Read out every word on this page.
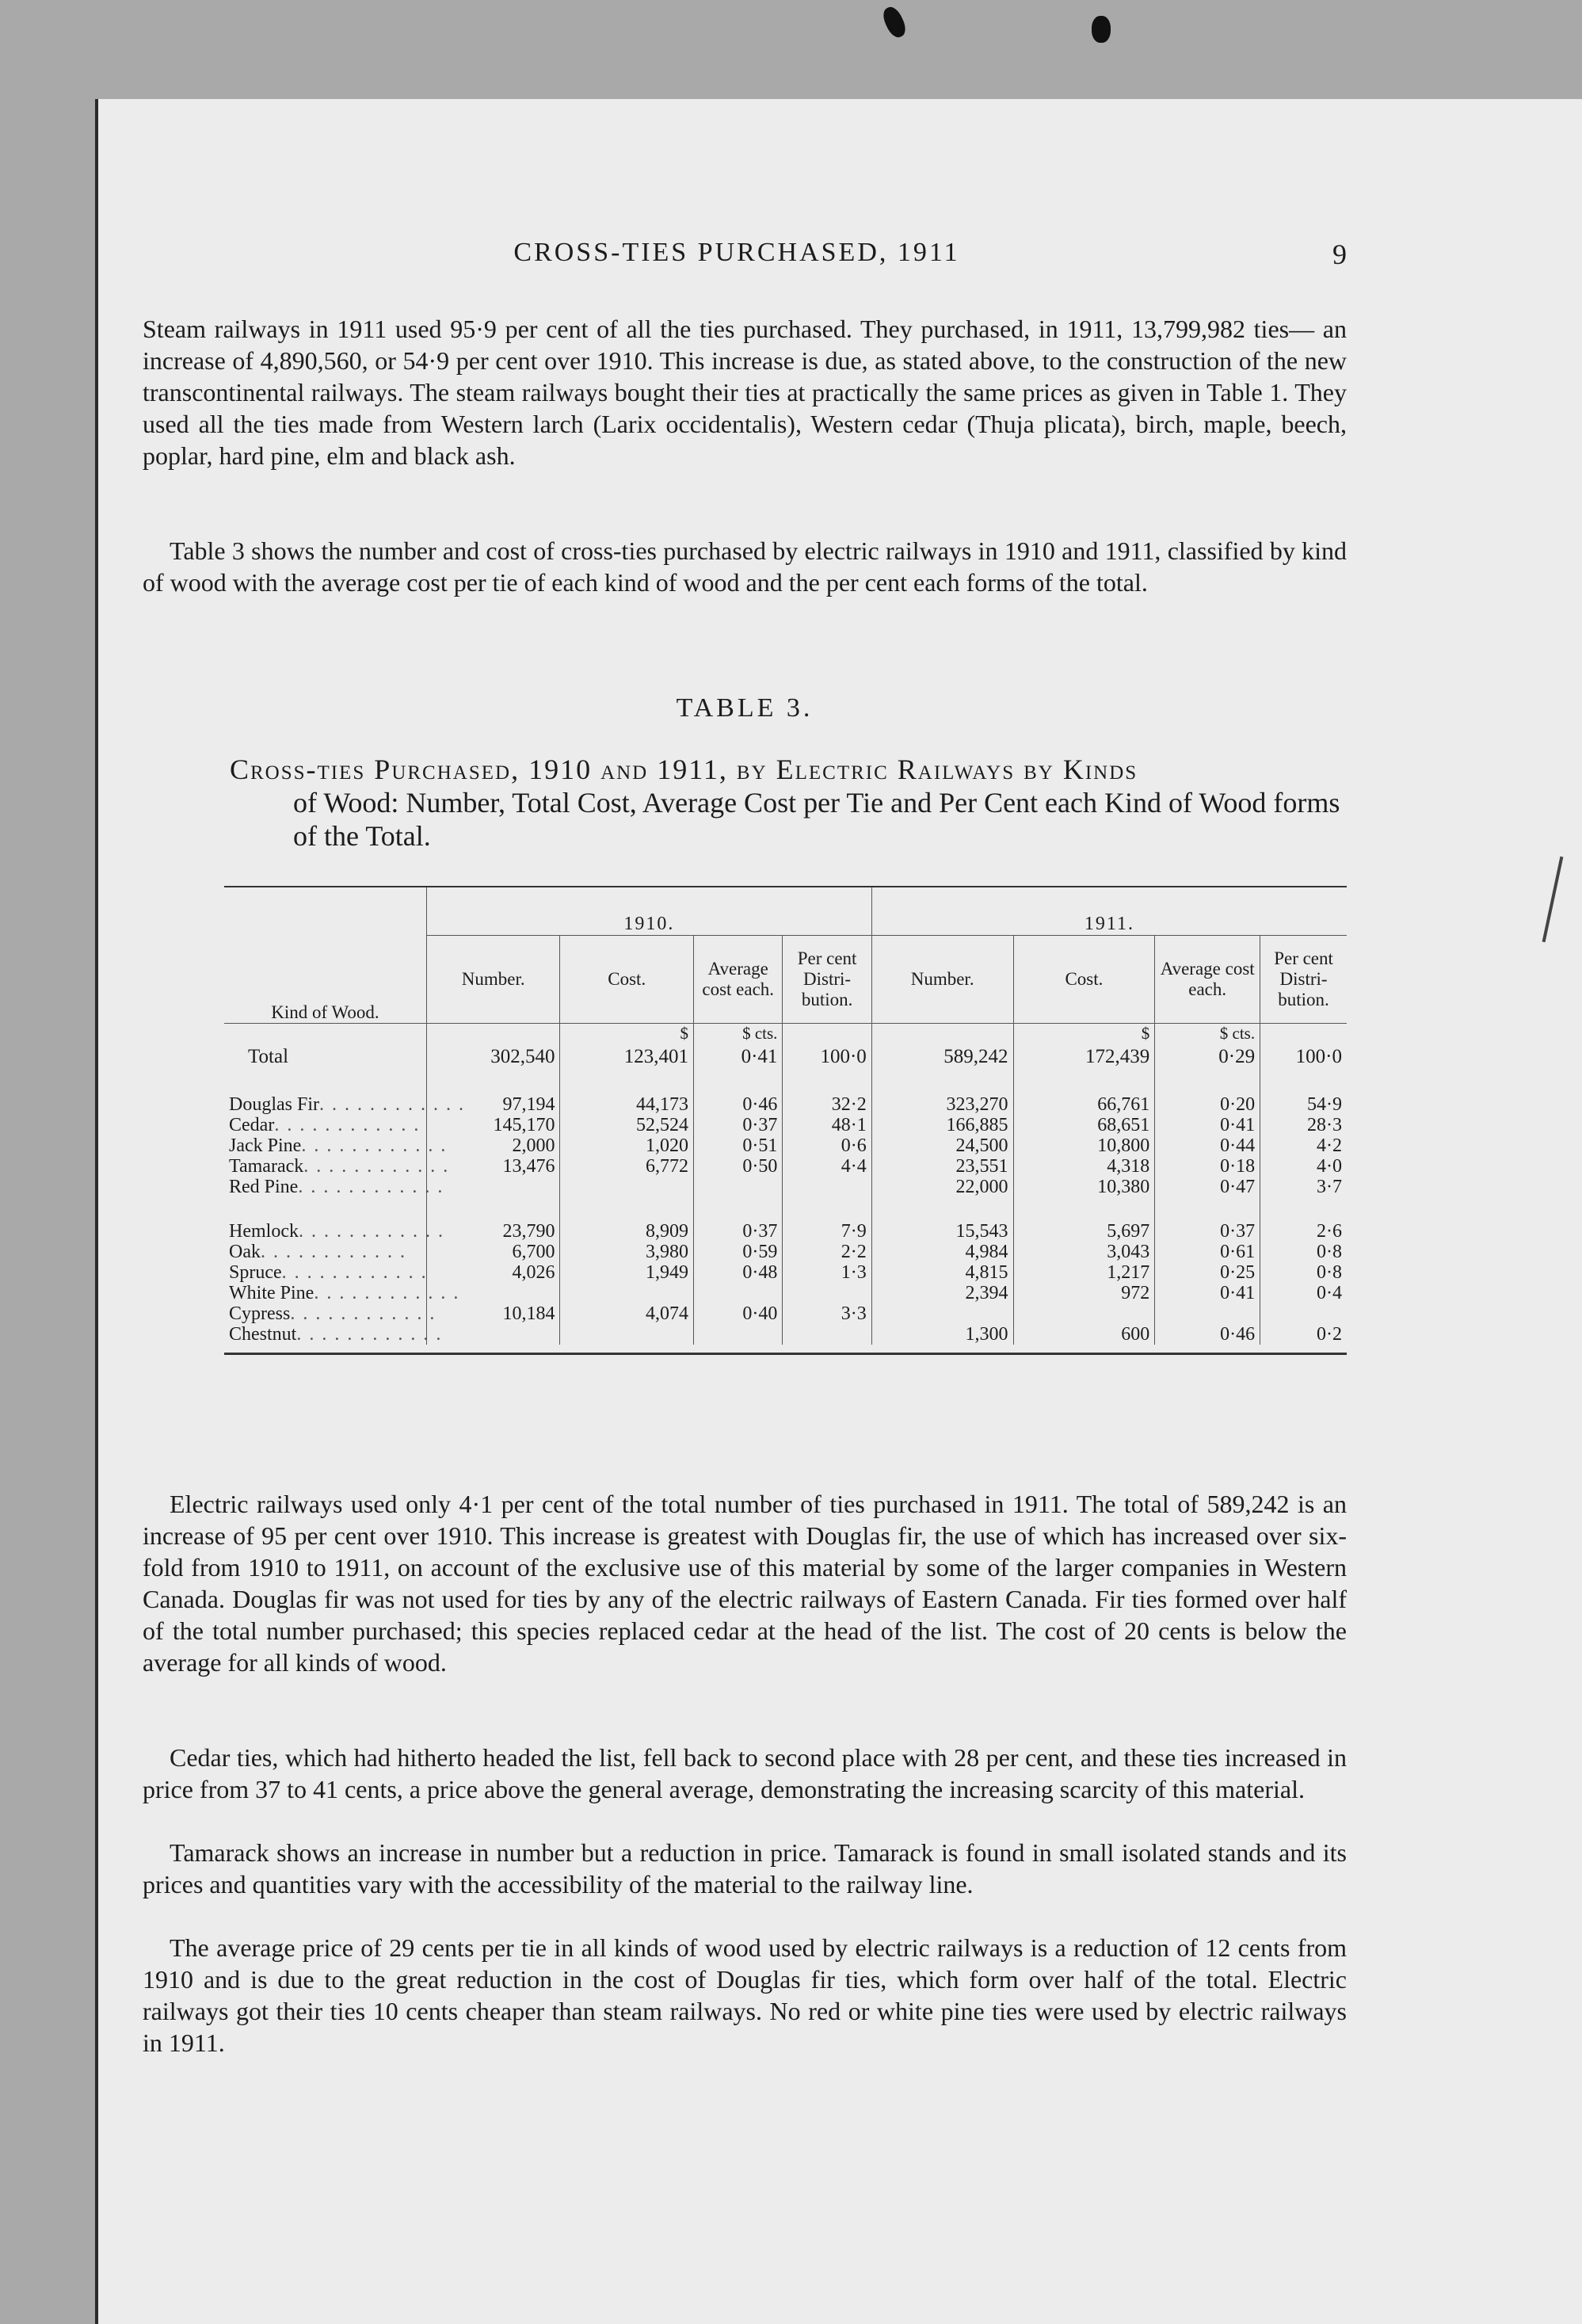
CROSS-TIES PURCHASED, 1911	9

Steam railways in 1911 used 95·9 per cent of all the ties purchased. They purchased, in 1911, 13,799,982 ties— an increase of 4,890,560, or 54·9 per cent over 1910. This increase is due, as stated above, to the construction of the new transcontinental railways. The steam railways bought their ties at practically the same prices as given in Table 1. They used all the ties made from Western larch (Larix occidentalis), Western cedar (Thuja plicata), birch, maple, beech, poplar, hard pine, elm and black ash.

Table 3 shows the number and cost of cross-ties purchased by electric railways in 1910 and 1911, classified by kind of wood with the average cost per tie of each kind of wood and the per cent each forms of the total.

TABLE 3.
Cross-ties Purchased, 1910 and 1911, by Electric Railways by Kinds
of Wood: Number, Total Cost, Average Cost per Tie and Per Cent each Kind of Wood forms of the Total.
Kind of Wood.	1910.				1911.			
	Number.	Cost.	Average cost each.	Per cent Distri- bution.	Number.	Cost.	Average cost each.	Per cent Distri- bution.
		$	$ cts.			$	$ cts.	
Total	302,540	123,401	0·41	100·0	589,242	172,439	0·29	100·0

Douglas Fir. . . . . . . . . . . .	97,194	44,173	0·46	32·2	323,270	66,761	0·20	54·9
Cedar. . . . . . . . . . . .	145,170	52,524	0·37	48·1	166,885	68,651	0·41	28·3
Jack Pine. . . . . . . . . . . .	2,000	1,020	0·51	0·6	24,500	10,800	0·44	4·2
Tamarack. . . . . . . . . . . .	13,476	6,772	0·50	4·4	23,551	4,318	0·18	4·0
Red Pine. . . . . . . . . . . .					22,000	10,380	0·47	3·7

Hemlock. . . . . . . . . . . .	23,790	8,909	0·37	7·9	15,543	5,697	0·37	2·6
Oak. . . . . . . . . . . .	6,700	3,980	0·59	2·2	4,984	3,043	0·61	0·8
Spruce. . . . . . . . . . . .	4,026	1,949	0·48	1·3	4,815	1,217	0·25	0·8
White Pine. . . . . . . . . . . .					2,394	972	0·41	0·4
Cypress. . . . . . . . . . . .	10,184	4,074	0·40	3·3				
Chestnut. . . . . . . . . . . .					1,300	600	0·46	0·2

Electric railways used only 4·1 per cent of the total number of ties purchased in 1911. The total of 589,242 is an increase of 95 per cent over 1910. This increase is greatest with Douglas fir, the use of which has increased over six-fold from 1910 to 1911, on account of the exclusive use of this material by some of the larger companies in Western Canada. Douglas fir was not used for ties by any of the electric railways of Eastern Canada. Fir ties formed over half of the total number purchased; this species replaced cedar at the head of the list. The cost of 20 cents is below the average for all kinds of wood.

Cedar ties, which had hitherto headed the list, fell back to second place with 28 per cent, and these ties increased in price from 37 to 41 cents, a price above the general average, demonstrating the increasing scarcity of this material.

Tamarack shows an increase in number but a reduction in price. Tamarack is found in small isolated stands and its prices and quantities vary with the accessibility of the material to the railway line.

The average price of 29 cents per tie in all kinds of wood used by electric railways is a reduction of 12 cents from 1910 and is due to the great reduction in the cost of Douglas fir ties, which form over half of the total. Electric railways got their ties 10 cents cheaper than steam railways. No red or white pine ties were used by electric railways in 1911.
